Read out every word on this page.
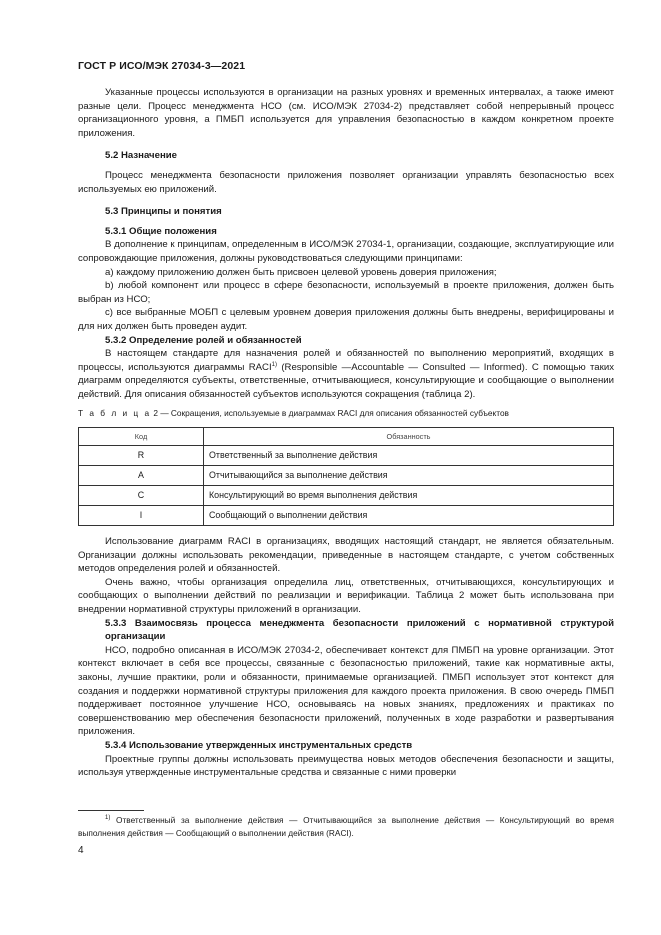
ГОСТ Р ИСО/МЭК 27034-3—2021

Указанные процессы используются в организации на разных уровнях и временных интервалах, а также имеют разные цели. Процесс менеджмента НСО (см. ИСО/МЭК 27034-2) представляет собой непрерывный процесс организационного уровня, а ПМБП используется для управления безопасностью в каждом конкретном проекте приложения.

5.2 Назначение

Процесс менеджмента безопасности приложения позволяет организации управлять безопасностью всех используемых ею приложений.

5.3 Принципы и понятия

5.3.1 Общие положения

В дополнение к принципам, определенным в ИСО/МЭК 27034-1, организации, создающие, эксплуатирующие или сопровождающие приложения, должны руководствоваться следующими принципами:

а) каждому приложению должен быть присвоен целевой уровень доверия приложения;

b) любой компонент или процесс в сфере безопасности, используемый в проекте приложения, должен быть выбран из НСО;

с) все выбранные МОБП с целевым уровнем доверия приложения должны быть внедрены, верифицированы и для них должен быть проведен аудит.

5.3.2 Определение ролей и обязанностей

В настоящем стандарте для назначения ролей и обязанностей по выполнению мероприятий, входящих в процессы, используются диаграммы RACI$^{1)}$ (Responsible —Accountable — Consulted — Informed). С помощью таких диаграмм определяются субъекты, ответственные, отчитывающиеся, консультирующие и сообщающие о выполнении действий. Для описания обязанностей субъектов используются сокращения (таблица 2).

Т а б л и ц а 2 — Сокращения, используемые в диаграммах RACI для описания обязанностей субъектов

Код	Обязанность
R	Ответственный за выполнение действия
A	Отчитывающийся за выполнение действия
C	Консультирующий во время выполнения действия
I	Сообщающий о выполнении действия

Использование диаграмм RACI в организациях, вводящих настоящий стандарт, не является обязательным. Организации должны использовать рекомендации, приведенные в настоящем стандарте, с учетом собственных методов определения ролей и обязанностей.

Очень важно, чтобы организация определила лиц, ответственных, отчитывающихся, консультирующих и сообщающих о выполнении действий по реализации и верификации. Таблица 2 может быть использована при внедрении нормативной структуры приложений в организации.

5.3.3 Взаимосвязь процесса менеджмента безопасности приложений с нормативной структурой организации

НСО, подробно описанная в ИСО/МЭК 27034-2, обеспечивает контекст для ПМБП на уровне организации. Этот контекст включает в себя все процессы, связанные с безопасностью приложений, такие как нормативные акты, законы, лучшие практики, роли и обязанности, принимаемые организацией. ПМБП использует этот контекст для создания и поддержки нормативной структуры приложения для каждого проекта приложения. В свою очередь ПМБП поддерживает постоянное улучшение НСО, основываясь на новых знаниях, предложениях и практиках по совершенствованию мер обеспечения безопасности приложений, полученных в ходе разработки и развертывания приложения.

5.3.4 Использование утвержденных инструментальных средств

Проектные группы должны использовать преимущества новых методов обеспечения безопасности и защиты, используя утвержденные инструментальные средства и связанные с ними проверки

$^{1)}$ Ответственный за выполнение действия — Отчитывающийся за выполнение действия — Консультирующий во время выполнения действия — Сообщающий о выполнении действия (RACI).
4
